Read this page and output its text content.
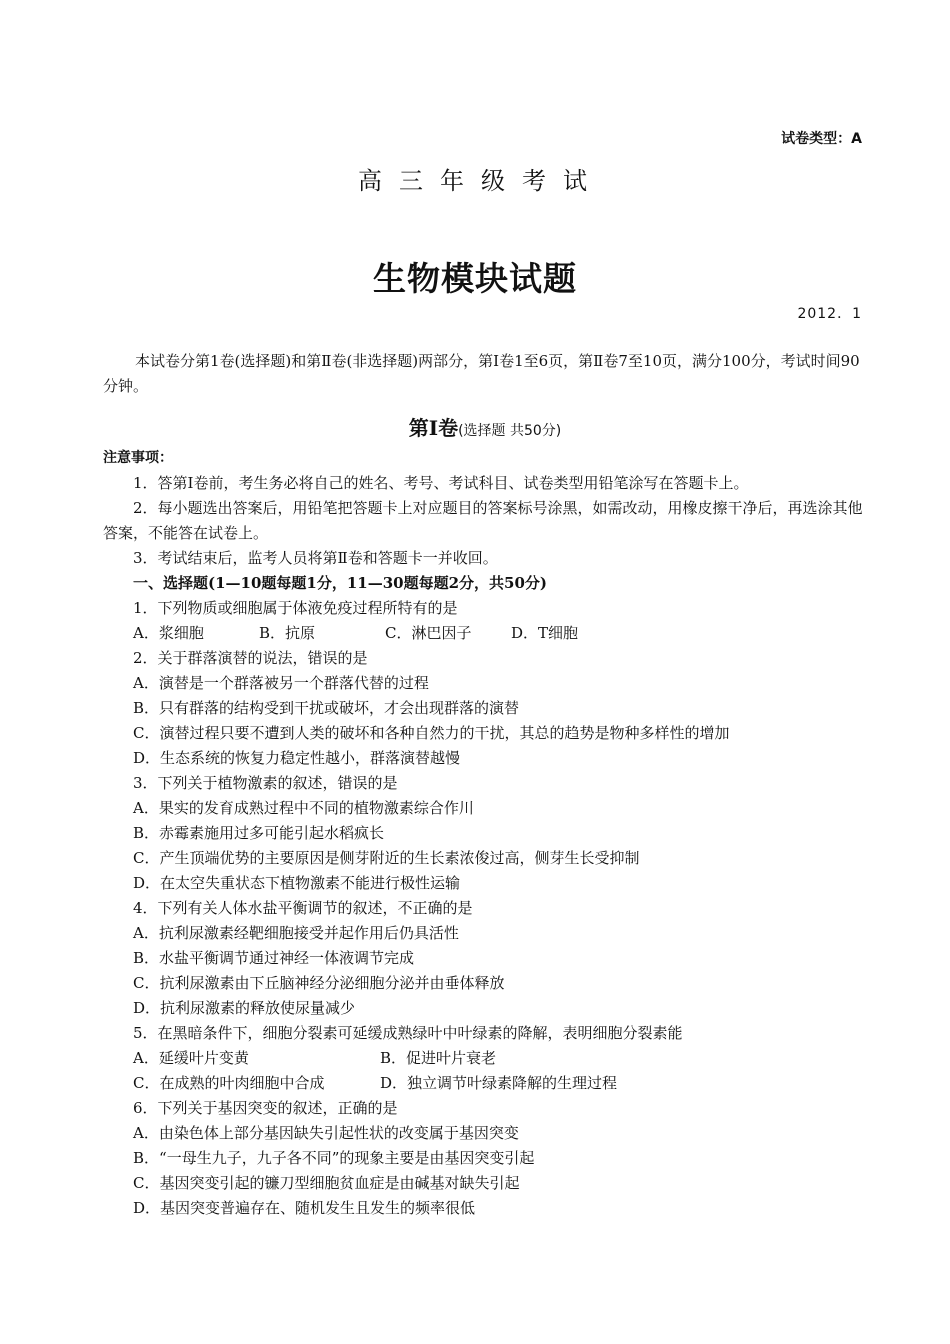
试卷类型：A
高三年级考试
生物模块试题
2012．1

本试卷分第1卷(选择题)和第Ⅱ卷(非选择题)两部分，第Ⅰ卷1至6页，第Ⅱ卷7至10页，满分100分，考试时间90分钟。

第Ⅰ卷(选择题 共50分)
注意事项：
1．答第Ⅰ卷前，考生务必将自己的姓名、考号、考试科目、试卷类型用铅笔涂写在答题卡上。
2．每小题选出答案后，用铅笔把答题卡上对应题目的答案标号涂黑，如需改动，用橡皮擦干净后，再选涂其他答案，不能答在试卷上。
3．考试结束后，监考人员将第Ⅱ卷和答题卡一并收回。
一、选择题(1—10题每题1分，11—30题每题2分，共50分)
1．下列物质或细胞属于体液免疫过程所特有的是
A．浆细胞	B．抗原	C．淋巴因子	D．T细胞
2．关于群落演替的说法，错误的是
A．演替是一个群落被另一个群落代替的过程
B．只有群落的结构受到干扰或破坏，才会出现群落的演替
C．演替过程只要不遭到人类的破坏和各种自然力的干扰，其总的趋势是物种多样性的增加
D．生态系统的恢复力稳定性越小，群落演替越慢
3．下列关于植物激素的叙述，错误的是
A．果实的发育成熟过程中不同的植物激素综合作川
B．赤霉素施用过多可能引起水稻疯长
C．产生顶端优势的主要原因是侧芽附近的生长素浓俊过高，侧芽生长受抑制
D．在太空失重状态下植物激素不能进行极性运输
4．下列有关人体水盐平衡调节的叙述，不正确的是
A．抗利尿激素经靶细胞接受并起作用后仍具活性
B．水盐平衡调节通过神经一体液调节完成
C．抗利尿激素由下丘脑神经分泌细胞分泌并由垂体释放
D．抗利尿激素的释放使尿量减少
5．在黑暗条件下，细胞分裂素可延缓成熟绿叶中叶绿素的降解，表明细胞分裂素能
A．延缓叶片变黄	B．促进叶片衰老
C．在成熟的叶肉细胞中合成	D．独立调节叶绿素降解的生理过程
6．下列关于基因突变的叙述，正确的是
A．由染色体上部分基因缺失引起性状的改变属于基因突变
B．“一母生九子，九子各不同”的现象主要是由基因突变引起
C．基因突变引起的镰刀型细胞贫血症是由碱基对缺失引起
D．基因突变普遍存在、随机发生且发生的频率很低
